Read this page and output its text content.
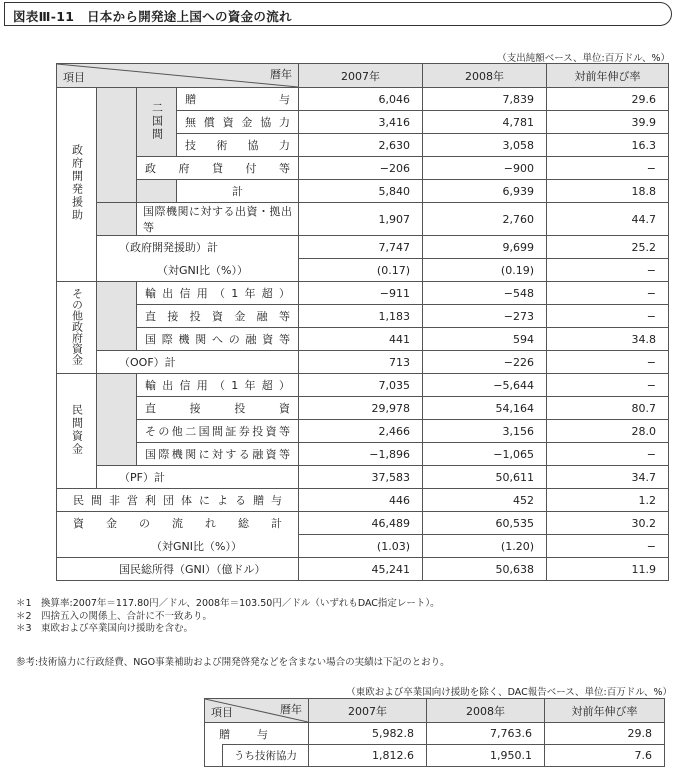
図表Ⅲ-11　日本から開発途上国への資金の流れ
（支出純額ベース、単位:百万ドル、%）
項目 暦年				2007年	2008年	対前年伸び率
政府開発援助		二国間	贈与	6,046	7,839	29.6
			無償資金協力	3,416	4,781	39.9
			技術協力	2,630	3,058	16.3
		政府貸付等		−206	−900	−
			計	5,840	6,939	18.8
		国際機関に対する出資・拠出等		1,907	2,760	44.7
	（政府開発援助）計			7,747	9,699	25.2
	（対GNI比（%））			(0.17)	(0.19)	−
その他政府資金		輸出信用（1年超）		−911	−548	−
		直接投資金融等		1,183	−273	−
		国際機関への融資等		441	594	34.8
	（OOF）計			713	−226	−
民間資金		輸出信用（1年超）		7,035	−5,644	−
		直接投資		29,978	54,164	80.7
		その他二国間証券投資等		2,466	3,156	28.0
		国際機関に対する融資等		−1,896	−1,065	−
	（PF）計			37,583	50,611	34.7
民間非営利団体による贈与				446	452	1.2
資金の流れ総計				46,489	60,535	30.2
（対GNI比（%））				(1.03)	(1.20)	−
国民総所得（GNI）（億ドル）				45,241	50,638	11.9
＊1　換算率:2007年＝117.80円／ドル、2008年＝103.50円／ドル（いずれもDAC指定レート）。
＊2　四捨五入の関係上、合計に不一致あり。
＊3　東欧および卒業国向け援助を含む。
参考:技術協力に行政経費、NGO事業補助および開発啓発などを含まない場合の実績は下記のとおり。
（東欧および卒業国向け援助を除く、DAC報告ベース、単位:百万ドル、%）
項目 暦年		2007年	2008年	対前年伸び率
贈与		5,982.8	7,763.6	29.8
	うち技術協力	1,812.6	1,950.1	7.6
